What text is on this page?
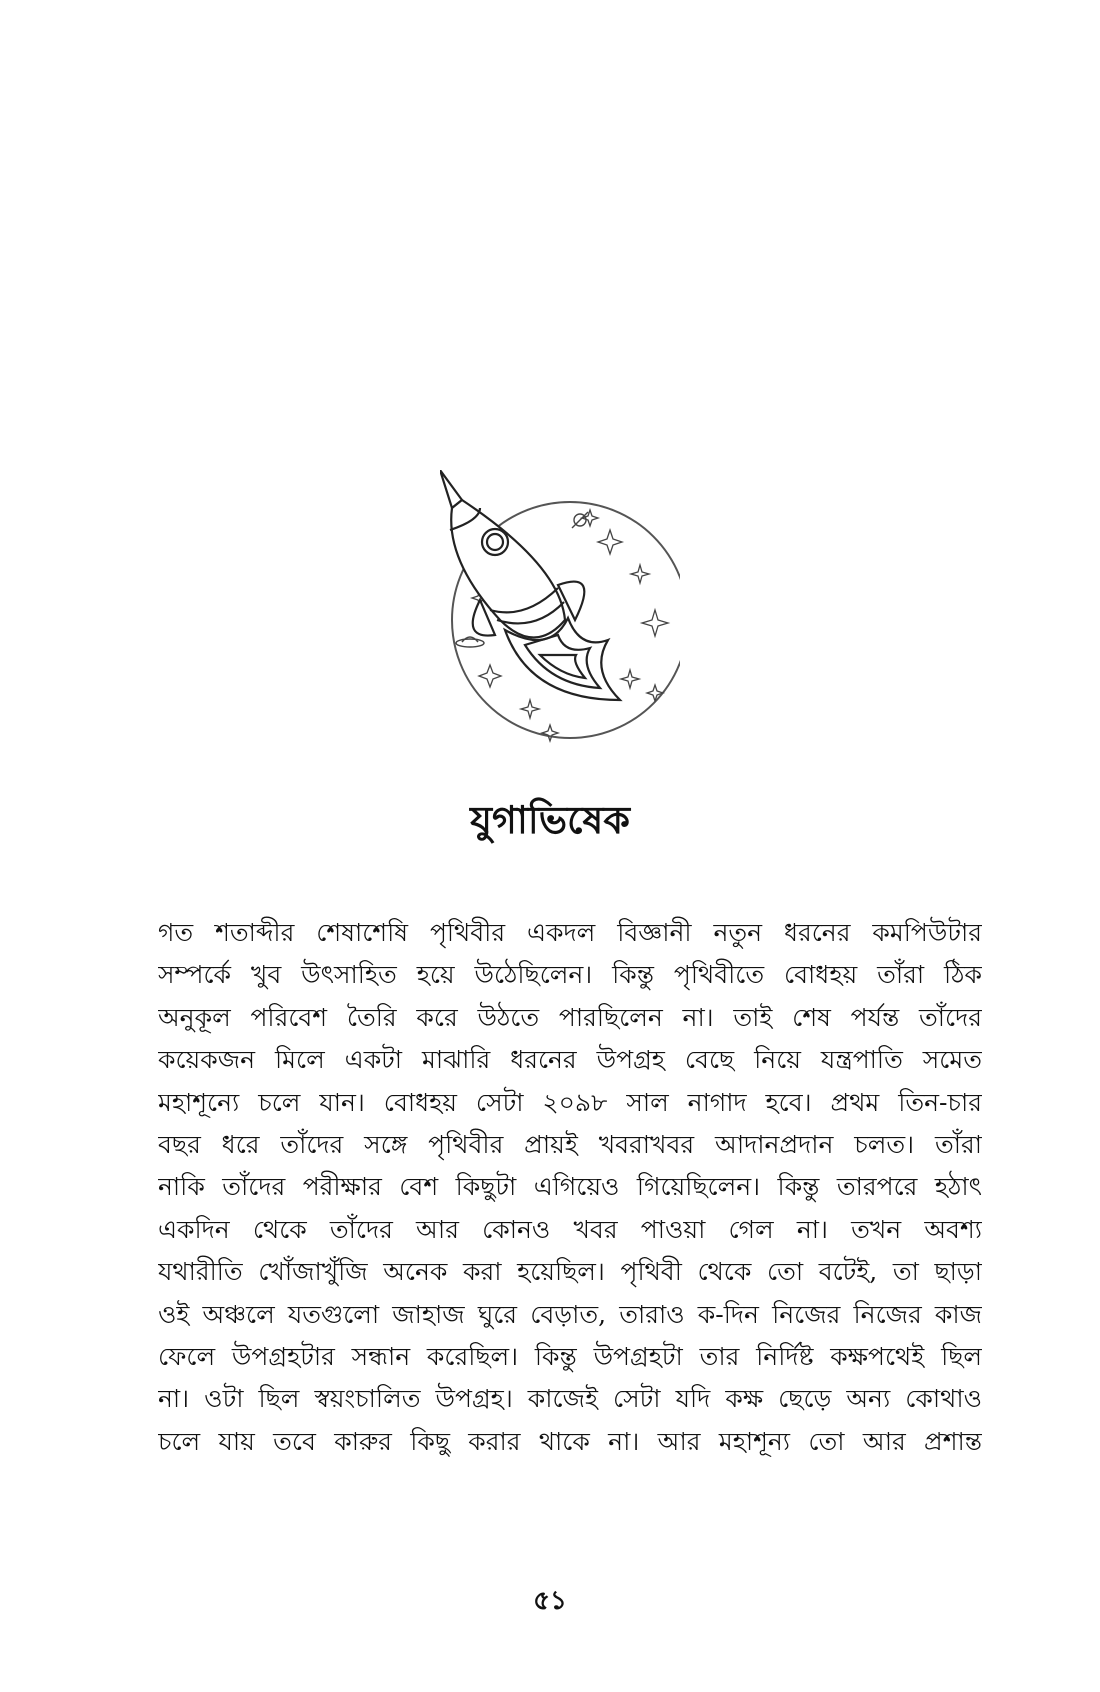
যুগাভিষেক
গত শতাব্দীর শেষাশেষি পৃথিবীর একদল বিজ্ঞানী নতুন ধরনের কমপিউটার
সম্পর্কে খুব উৎসাহিত হয়ে উঠেছিলেন। কিন্তু পৃথিবীতে বোধহয় তাঁরা ঠিক
অনুকূল পরিবেশ তৈরি করে উঠতে পারছিলেন না। তাই শেষ পর্যন্ত তাঁদের
কয়েকজন মিলে একটা মাঝারি ধরনের উপগ্রহ বেছে নিয়ে যন্ত্রপাতি সমেত
মহাশূন্যে চলে যান। বোধহয় সেটা ২০৯৮ সাল নাগাদ হবে। প্রথম তিন-চার
বছর ধরে তাঁদের সঙ্গে পৃথিবীর প্রায়ই খবরাখবর আদানপ্রদান চলত। তাঁরা
নাকি তাঁদের পরীক্ষার বেশ কিছুটা এগিয়েও গিয়েছিলেন। কিন্তু তারপরে হঠাৎ
একদিন থেকে তাঁদের আর কোনও খবর পাওয়া গেল না। তখন অবশ্য
যথারীতি খোঁজাখুঁজি অনেক করা হয়েছিল। পৃথিবী থেকে তো বটেই, তা ছাড়া
ওই অঞ্চলে যতগুলো জাহাজ ঘুরে বেড়াত, তারাও ক-দিন নিজের নিজের কাজ
ফেলে উপগ্রহটার সন্ধান করেছিল। কিন্তু উপগ্রহটা তার নির্দিষ্ট কক্ষপথেই ছিল
না। ওটা ছিল স্বয়ংচালিত উপগ্রহ। কাজেই সেটা যদি কক্ষ ছেড়ে অন্য কোথাও
চলে যায় তবে কারুর কিছু করার থাকে না। আর মহাশূন্য তো আর প্রশান্ত
৫১
